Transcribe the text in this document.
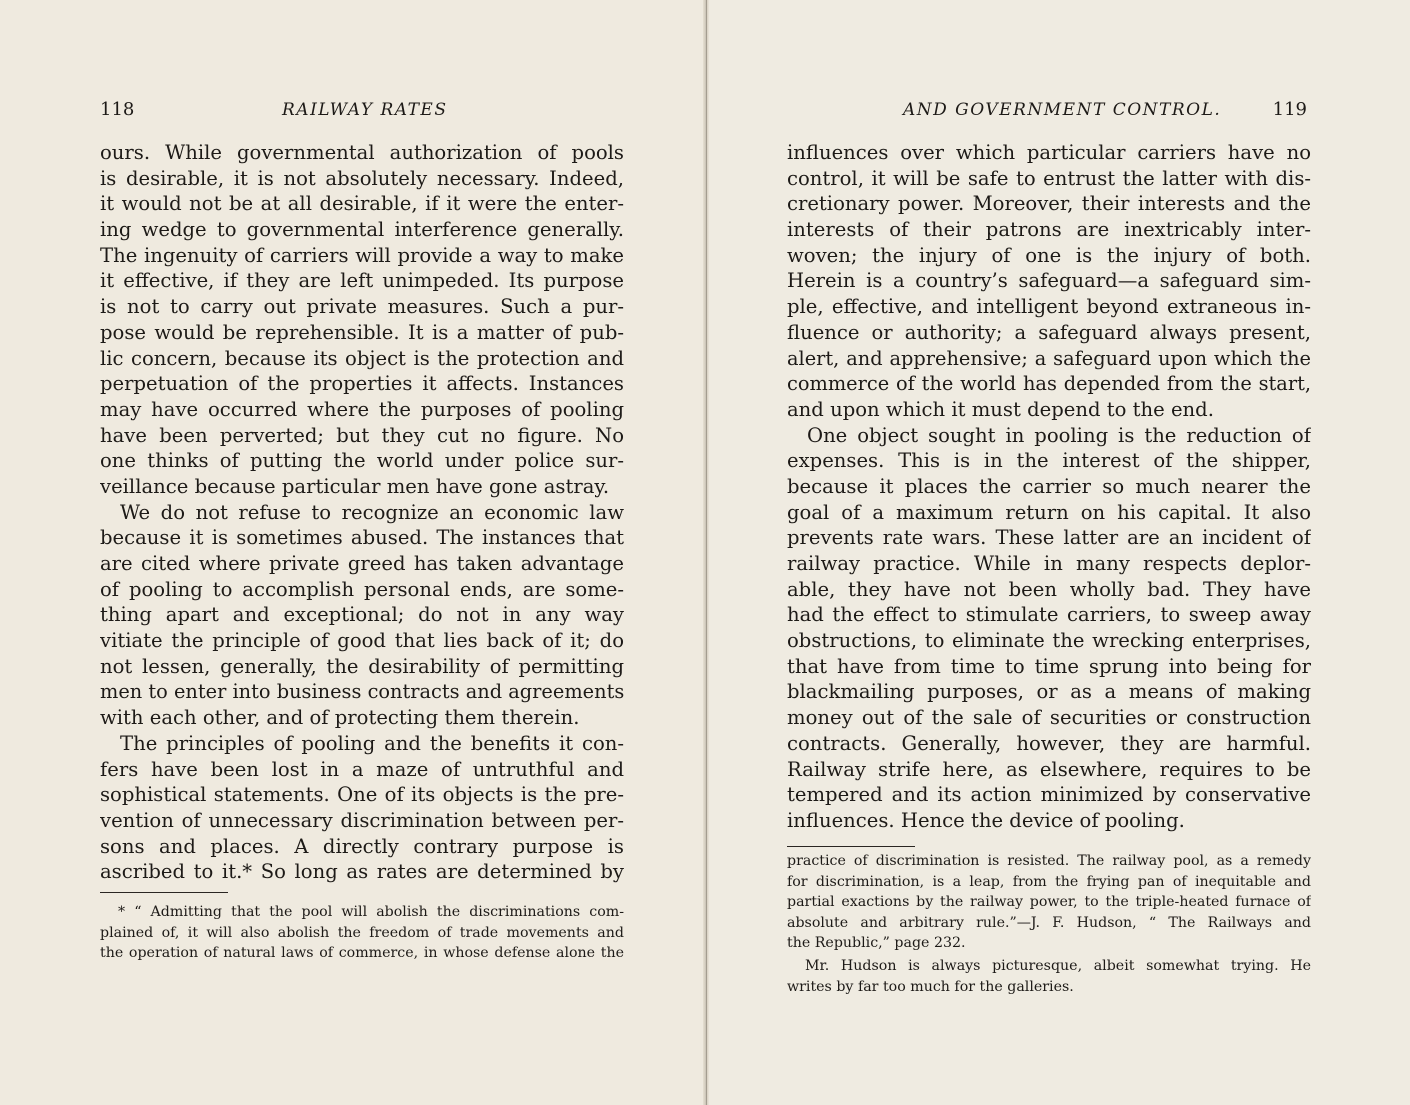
118	RAILWAY RATES
ours. While governmental authorization of pools
is desirable, it is not absolutely necessary. Indeed,
it would not be at all desirable, if it were the enter-
ing wedge to governmental interference generally.
The ingenuity of carriers will provide a way to make
it effective, if they are left unimpeded. Its purpose
is not to carry out private measures. Such a pur-
pose would be reprehensible. It is a matter of pub-
lic concern, because its object is the protection and
perpetuation of the properties it affects. Instances
may have occurred where the purposes of pooling
have been perverted; but they cut no figure. No
one thinks of putting the world under police sur-
veillance because particular men have gone astray.
We do not refuse to recognize an economic law
because it is sometimes abused. The instances that
are cited where private greed has taken advantage
of pooling to accomplish personal ends, are some-
thing apart and exceptional; do not in any way
vitiate the principle of good that lies back of it; do
not lessen, generally, the desirability of permitting
men to enter into business contracts and agreements
with each other, and of protecting them therein.
The principles of pooling and the benefits it con-
fers have been lost in a maze of untruthful and
sophistical statements. One of its objects is the pre-
vention of unnecessary discrimination between per-
sons and places. A directly contrary purpose is
ascribed to it.* So long as rates are determined by
* “ Admitting that the pool will abolish the discriminations com-
plained of, it will also abolish the freedom of trade movements and
the operation of natural laws of commerce, in whose defense alone the
AND GOVERNMENT CONTROL.	119
influences over which particular carriers have no
control, it will be safe to entrust the latter with dis-
cretionary power. Moreover, their interests and the
interests of their patrons are inextricably inter-
woven; the injury of one is the injury of both.
Herein is a country’s safeguard—a safeguard sim-
ple, effective, and intelligent beyond extraneous in-
fluence or authority; a safeguard always present,
alert, and apprehensive; a safeguard upon which the
commerce of the world has depended from the start,
and upon which it must depend to the end.
One object sought in pooling is the reduction of
expenses. This is in the interest of the shipper,
because it places the carrier so much nearer the
goal of a maximum return on his capital. It also
prevents rate wars. These latter are an incident of
railway practice. While in many respects deplor-
able, they have not been wholly bad. They have
had the effect to stimulate carriers, to sweep away
obstructions, to eliminate the wrecking enterprises,
that have from time to time sprung into being for
blackmailing purposes, or as a means of making
money out of the sale of securities or construction
contracts. Generally, however, they are harmful.
Railway strife here, as elsewhere, requires to be
tempered and its action minimized by conservative
influences. Hence the device of pooling.
practice of discrimination is resisted. The railway pool, as a remedy
for discrimination, is a leap, from the frying pan of inequitable and
partial exactions by the railway power, to the triple-heated furnace of
absolute and arbitrary rule.”—J. F. Hudson, “ The Railways and
the Republic,” page 232.
Mr. Hudson is always picturesque, albeit somewhat trying. He
writes by far too much for the galleries.
